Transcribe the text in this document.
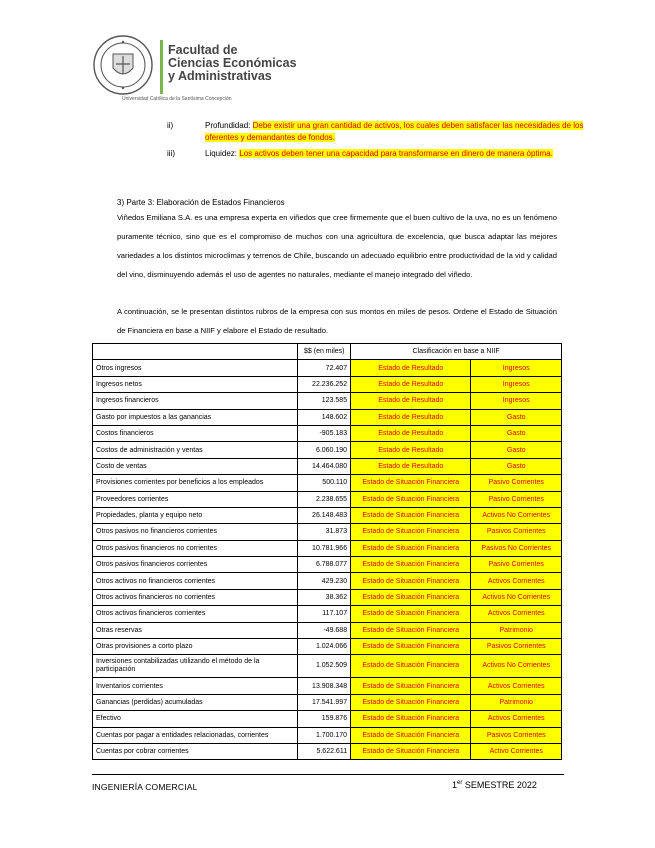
Facultad de
Ciencias Económicas
y Administrativas
Universidad Católica de la Santísima Concepción
ii)	Profundidad: Debe existir una gran cantidad de activos, los cuales deben satisfacer las necesidades de los oferentes y demandantes de fondos.
iii)	Liquidez: Los activos deben tener una capacidad para transformarse en dinero de manera óptima.
3) Parte 3: Elaboración de Estados Financieros
Viñedos Emiliana S.A. es una empresa experta en viñedos que cree firmemente que el buen cultivo de la uva, no es un fenómeno puramente técnico, sino que es el compromiso de muchos con una agricultura de excelencia, que busca adaptar las mejores variedades a los distintos microclimas y terrenos de Chile, buscando un adecuado equilibrio entre productividad de la vid y calidad del vino, disminuyendo además el uso de agentes no naturales, mediante el manejo integrado del viñedo.
A continuación, se le presentan distintos rubros de la empresa con sus montos en miles de pesos. Ordene el Estado de Situación de Financiera en base a NIIF y elabore el Estado de resultado.
	$$ (en miles)	Clasificación en base a NIIF	
Otros ingresos	72.407	Estado de Resultado	Ingresos
Ingresos netos	22.236.252	Estado de Resultado	Ingresos
Ingresos financieros	123.585	Estado de Resultado	Ingresos
Gasto por impuestos a las ganancias	148.602	Estado de Resultado	Gasto
Costos financieros	-905.183	Estado de Resultado	Gasto
Costos de administración y ventas	6.060.190	Estado de Resultado	Gasto
Costo de ventas	14.464.080	Estado de Resultado	Gasto
Provisiones corrientes por beneficios a los empleados	500.110	Estado de Situación Financiera	Pasivo Corrientes
Proveedores corrientes	2.238.655	Estado de Situación Financiera	Pasivo Corrientes
Propiedades, planta y equipo neto	26.148.483	Estado de Situación Financiera	Activos No Corrientes
Otros pasivos no financieros corrientes	31.873	Estado de Situación Financiera	Pasivos Corrientes
Otros pasivos financieros no corrientes	10.781.966	Estado de Situación Financiera	Pasivos No Corrientes
Otros pasivos financieros corrientes	6.788.077	Estado de Situación Financiera	Pasivo Corrientes
Otros activos no financieros corrientes	429.230	Estado de Situación Financiera	Activos Corrientes
Otros activos financieros no corrientes	38.362	Estado de Situación Financiera	Activos No Corrientes
Otros activos financieros corrientes	117.107	Estado de Situación Financiera	Activos Corrientes
Otras reservas	-49.688	Estado de Situación Financiera	Patrimonio
Otras provisiones a corto plazo	1.024.066	Estado de Situación Financiera	Pasivos Corrientes
Inversiones contabilizadas utilizando el método de la participación	1.052.509	Estado de Situación Financiera	Activos No Corrientes
Inventarios corrientes	13.908.348	Estado de Situación Financiera	Activos Corrientes
Ganancias (perdidas) acumuladas	17.541.997	Estado de Situación Financiera	Patrimonio
Efectivo	159.876	Estado de Situación Financiera	Activos Corrientes
Cuentas por pagar a entidades relacionadas, corrientes	1.700.170	Estado de Situación Financiera	Pasivos Corrientes
Cuentas por cobrar corrientes	5.622.611	Estado de Situación Financiera	Activo Corrientes
INGENIERÍA COMERCIAL	1er SEMESTRE 2022
